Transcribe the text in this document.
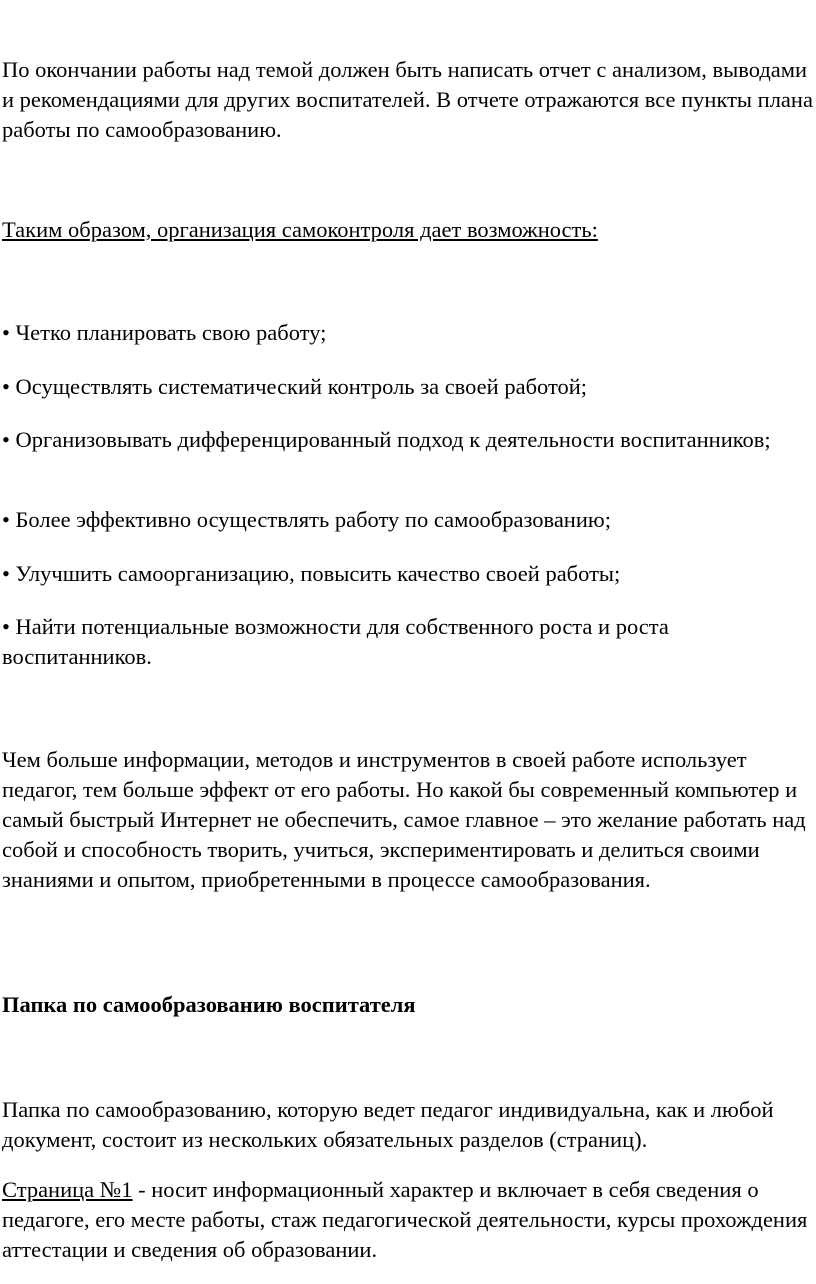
По окончании работы над темой должен быть написать отчет с анализом, выводами и рекомендациями для других воспитателей. В отчете отражаются все пункты плана работы по самообразованию.

Таким образом, организация самоконтроля дает возможность:

• Четко планировать свою работу;

• Осуществлять систематический контроль за своей работой;

• Организовывать дифференцированный подход к деятельности воспитанников;

• Более эффективно осуществлять работу по самообразованию;

• Улучшить самоорганизацию, повысить качество своей работы;

• Найти потенциальные возможности для собственного роста и роста воспитанников.

Чем больше информации, методов и инструментов в своей работе использует педагог, тем больше эффект от его работы. Но какой бы современный компьютер и самый быстрый Интернет не обеспечить, самое главное – это желание работать над собой и способность творить, учиться, экспериментировать и делиться своими знаниями и опытом, приобретенными в процессе самообразования.

Папка по самообразованию воспитателя

Папка по самообразованию, которую ведет педагог индивидуальна, как и любой документ, состоит из нескольких обязательных разделов (страниц).

Страница №1 - носит информационный характер и включает в себя сведения о педагоге, его месте работы, стаж педагогической деятельности, курсы прохождения аттестации и сведения об образовании.
